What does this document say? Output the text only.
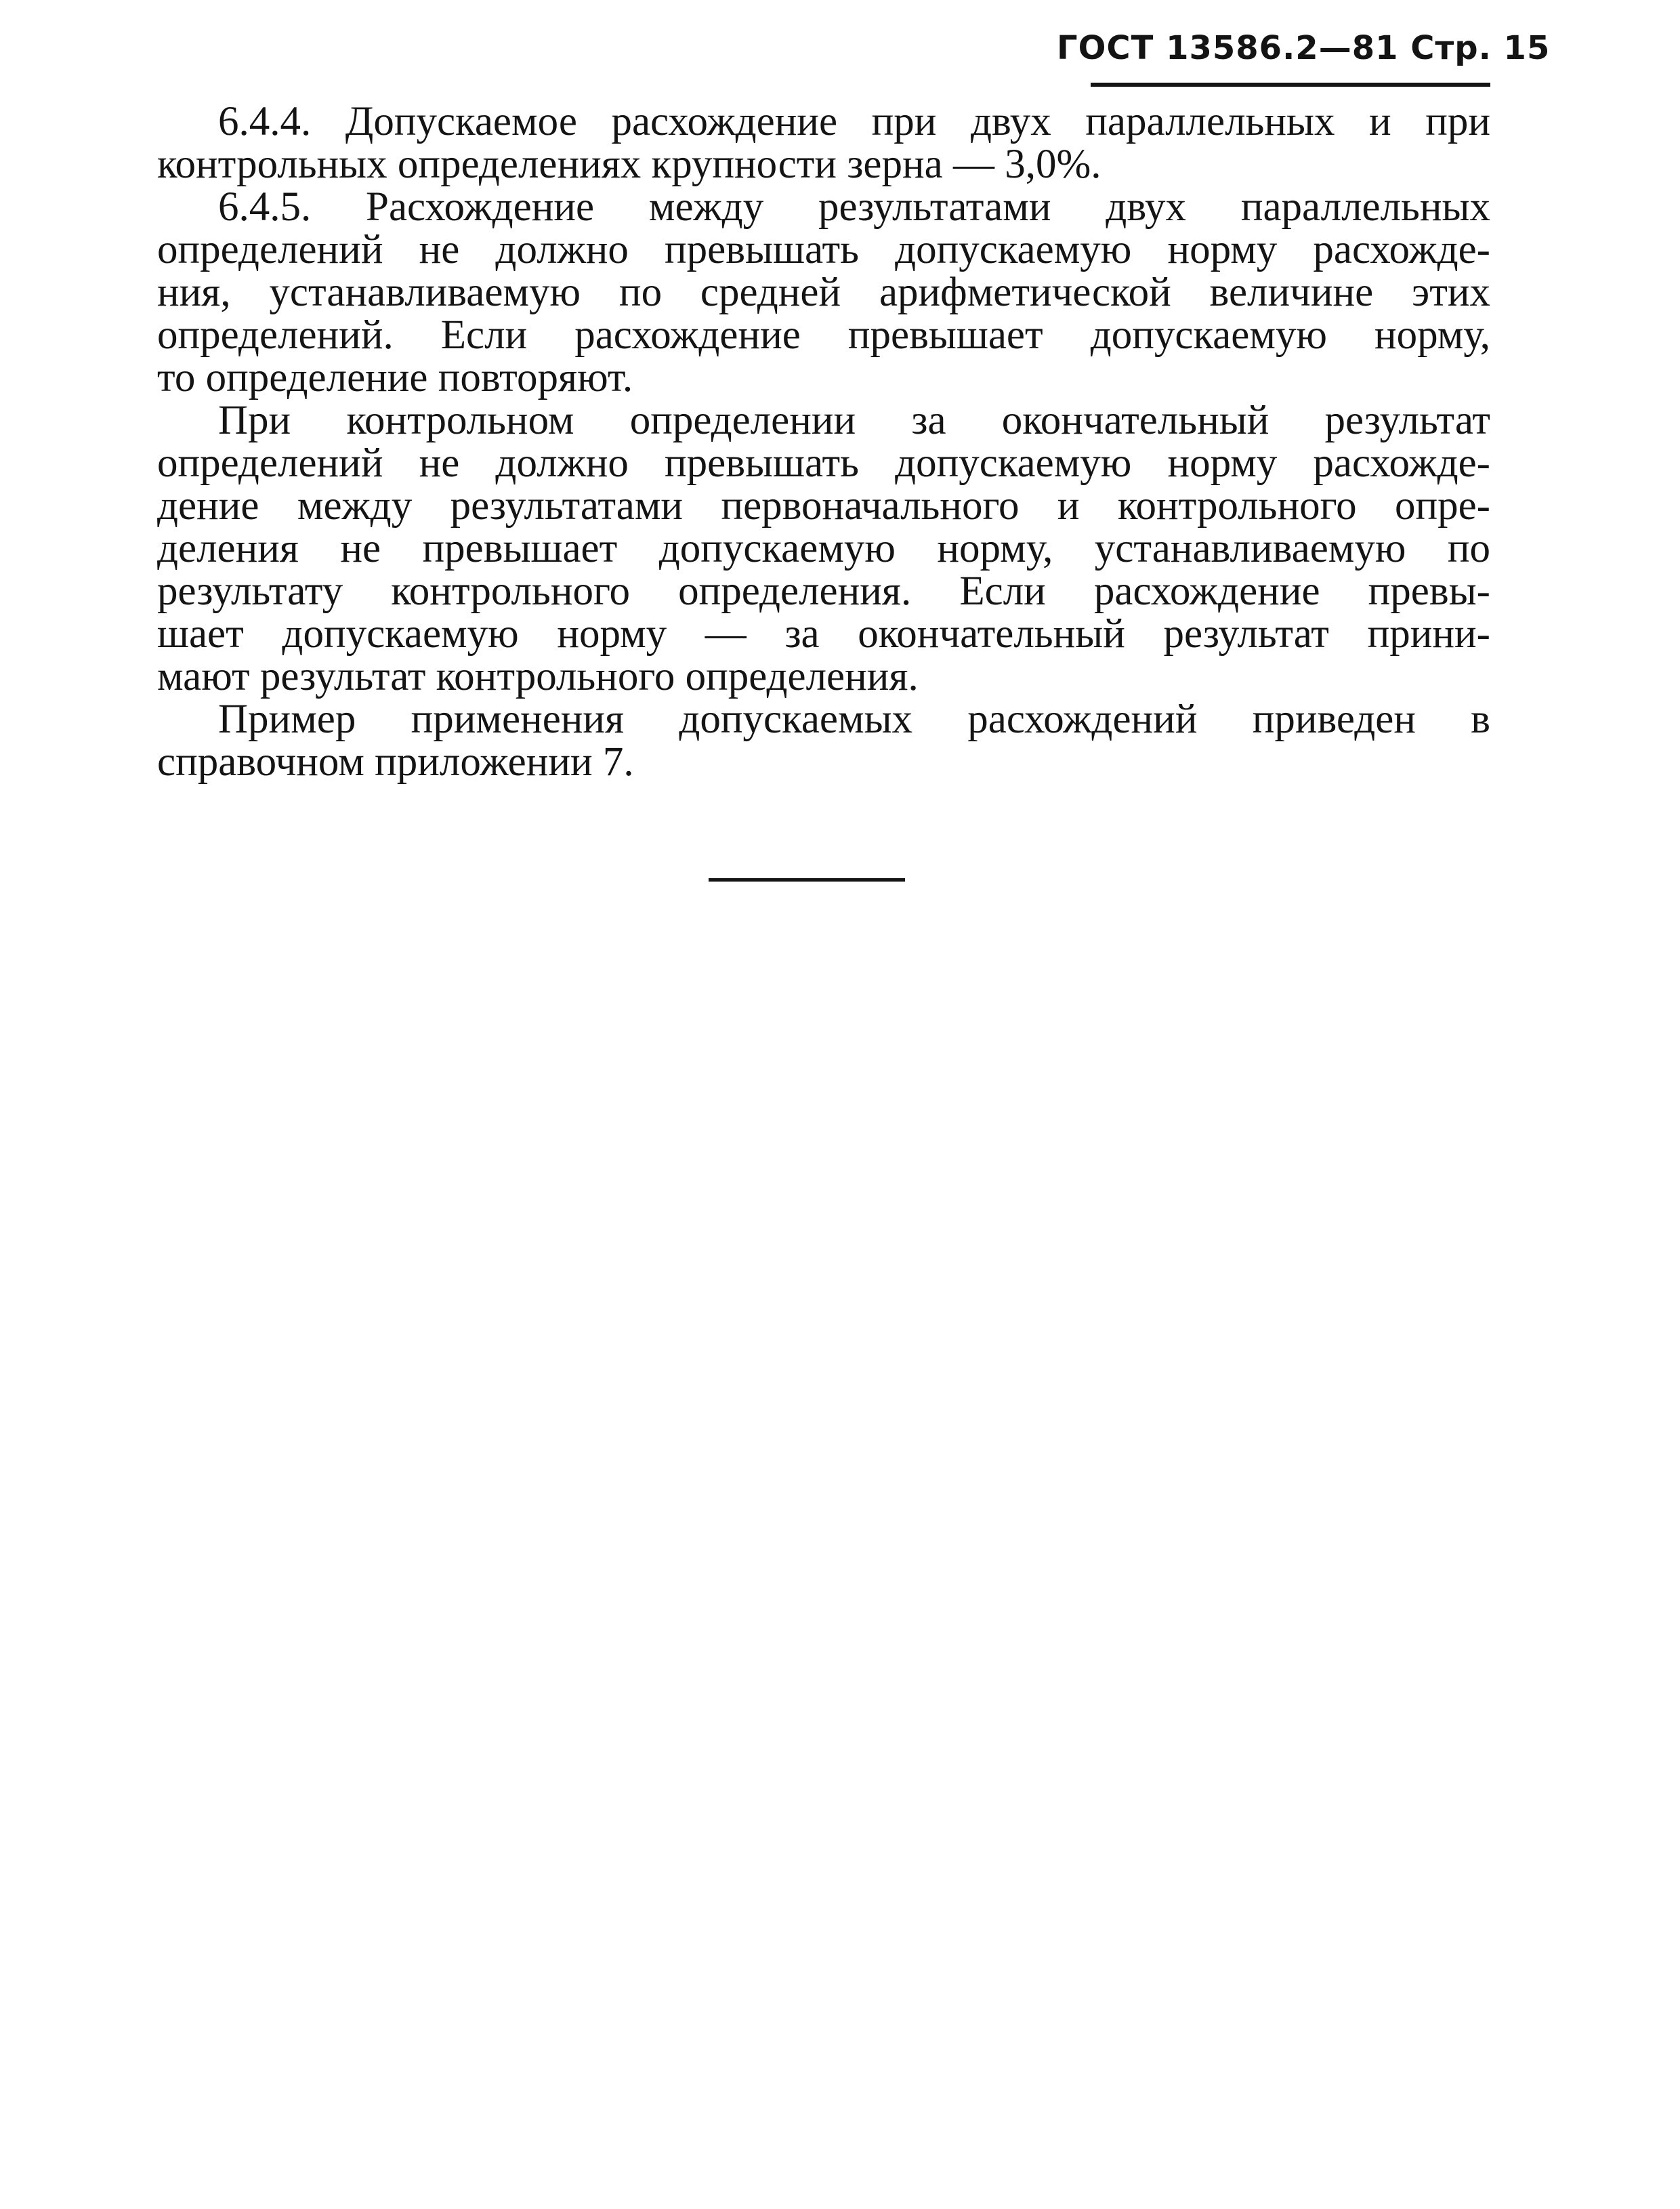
ГОСТ 13586.2—81 Стр. 15

6.4.4. Допускаемое расхождение при двух параллельных и при
контрольных определениях крупности зерна — 3,0%.

6.4.5. Расхождение между результатами двух параллельных
определений не должно превышать допускаемую норму расхожде-
ния, устанавливаемую по средней арифметической величине этих
определений. Если расхождение превышает допускаемую норму,
то определение повторяют.

При контрольном определении за окончательный результат
определений не должно превышать допускаемую норму расхожде-
дение между результатами первоначального и контрольного опре-
деления не превышает допускаемую норму, устанавливаемую по
результату контрольного определения. Если расхождение превы-
шает допускаемую норму — за окончательный результат прини-
мают результат контрольного определения.

Пример применения допускаемых расхождений приведен в
справочном приложении 7.
